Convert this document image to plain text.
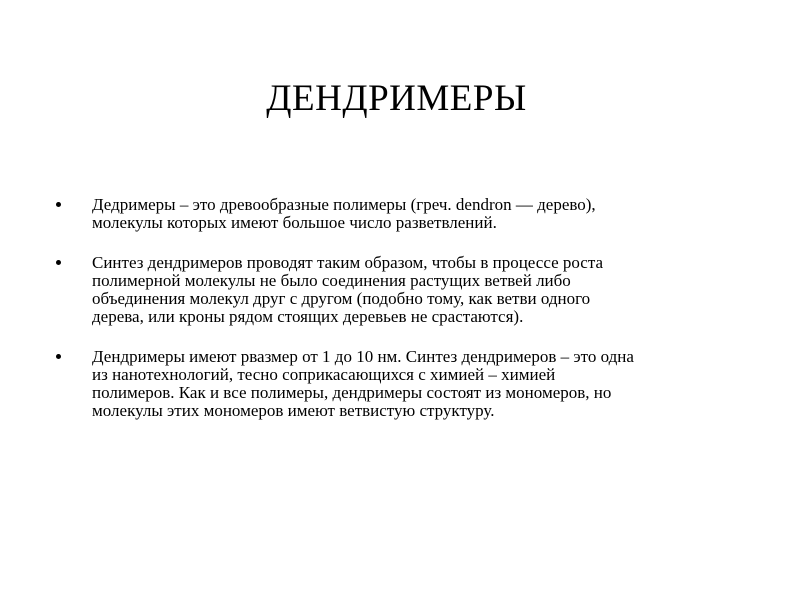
ДЕНДРИМЕРЫ
Дедримеры – это древообразные полимеры (греч. dendron — дерево),
молекулы которых имеют большое число разветвлений.
Синтез дендримеров проводят таким образом, чтобы в процессе роста
полимерной молекулы не было соединения растущих ветвей либо
объединения молекул друг с другом (подобно тому, как ветви одного
дерева, или кроны рядом стоящих деревьев не срастаются).
Дендримеры имеют рвазмер от 1 до 10 нм. Синтез дендримеров – это одна
из нанотехнологий, тесно соприкасающихся с химией – химией
полимеров. Как и все полимеры, дендримеры состоят из мономеров, но
молекулы этих мономеров имеют ветвистую структуру.
